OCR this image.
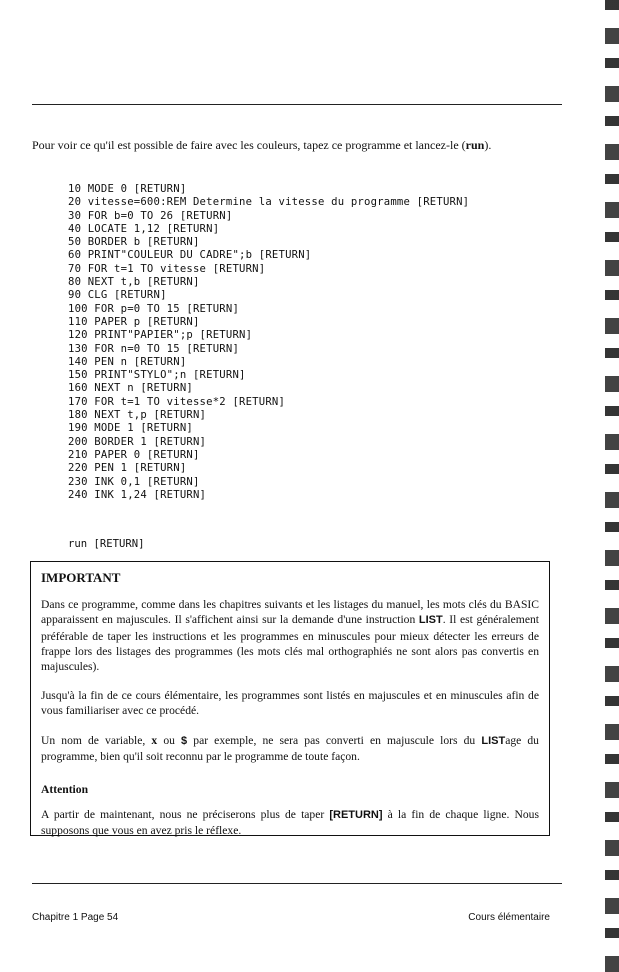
Pour voir ce qu'il est possible de faire avec les couleurs, tapez ce programme et lancez-le (run).
10 MODE 0 [RETURN]
20 vitesse=600:REM Determine la vitesse du programme [RETURN]
30 FOR b=0 TO 26 [RETURN]
40 LOCATE 1,12 [RETURN]
50 BORDER b [RETURN]
60 PRINT"COULEUR DU CADRE";b [RETURN]
70 FOR t=1 TO vitesse [RETURN]
80 NEXT t,b [RETURN]
90 CLG [RETURN]
100 FOR p=0 TO 15 [RETURN]
110 PAPER p [RETURN]
120 PRINT"PAPIER";p [RETURN]
130 FOR n=0 TO 15 [RETURN]
140 PEN n [RETURN]
150 PRINT"STYLO";n [RETURN]
160 NEXT n [RETURN]
170 FOR t=1 TO vitesse*2 [RETURN]
180 NEXT t,p [RETURN]
190 MODE 1 [RETURN]
200 BORDER 1 [RETURN]
210 PAPER 0 [RETURN]
220 PEN 1 [RETURN]
230 INK 0,1 [RETURN]
240 INK 1,24 [RETURN]
run [RETURN]
IMPORTANT

Dans ce programme, comme dans les chapitres suivants et les listages du manuel, les mots clés du BASIC apparaissent en majuscules. Il s'affichent ainsi sur la demande d'une instruction LIST. Il est généralement préférable de taper les instructions et les programmes en minuscules pour mieux détecter les erreurs de frappe lors des listages des programmes (les mots clés mal orthographiés ne sont alors pas convertis en majuscules).

Jusqu'à la fin de ce cours élémentaire, les programmes sont listés en majuscules et en minuscules afin de vous familiariser avec ce procédé.

Un nom de variable, x ou $ par exemple, ne sera pas converti en majuscule lors du LISTage du programme, bien qu'il soit reconnu par le programme de toute façon.

Attention

A partir de maintenant, nous ne préciserons plus de taper [RETURN] à la fin de chaque ligne. Nous supposons que vous en avez pris le réflexe.

Chapitre 1 Page 54	Cours élémentaire
